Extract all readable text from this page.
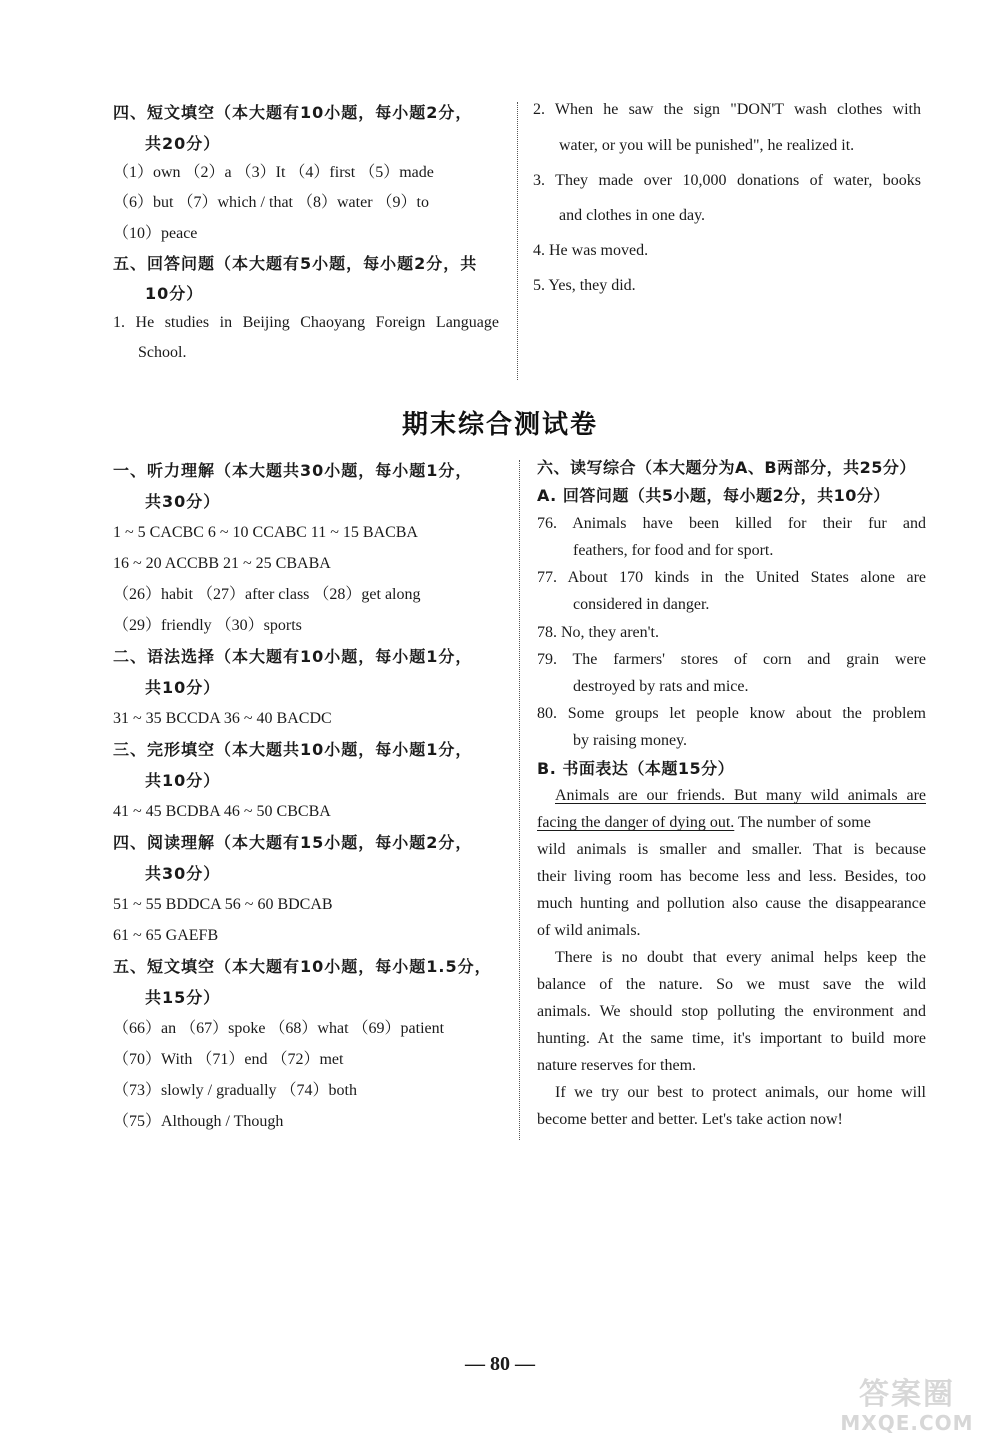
四、短文填空（本大题有10小题，每小题2分，
共20分）
（1）own （2）a （3）It （4）first （5）made
（6）but （7）which / that （8）water （9）to
（10）peace
五、回答问题（本大题有5小题，每小题2分，共
10分）
1. He studies in Beijing Chaoyang Foreign Language
School.
2. When he saw the sign "DON'T wash clothes with
water, or you will be punished", he realized it.
3. They made over 10,000 donations of water, books
and clothes in one day.
4. He was moved.
5. Yes, they did.
期末综合测试卷
一、听力理解（本大题共30小题，每小题1分，
共30分）
1 ~ 5 CACBC 6 ~ 10 CCABC 11 ~ 15 BACBA
16 ~ 20 ACCBB 21 ~ 25 CBABA
（26）habit （27）after class （28）get along
（29）friendly （30）sports
二、语法选择（本大题有10小题，每小题1分，
共10分）
31 ~ 35 BCCDA 36 ~ 40 BACDC
三、完形填空（本大题共10小题，每小题1分，
共10分）
41 ~ 45 BCDBA 46 ~ 50 CBCBA
四、阅读理解（本大题有15小题，每小题2分，
共30分）
51 ~ 55 BDDCA 56 ~ 60 BDCAB
61 ~ 65 GAEFB
五、短文填空（本大题有10小题，每小题1.5分，
共15分）
（66）an （67）spoke （68）what （69）patient
（70）With （71）end （72）met
（73）slowly / gradually （74）both
（75）Although / Though
六、读写综合（本大题分为A、B两部分，共25分）
A. 回答问题（共5小题，每小题2分，共10分）
76. Animals have been killed for their fur and
feathers, for food and for sport.
77. About 170 kinds in the United States alone are
considered in danger.
78. No, they aren't.
79. The farmers' stores of corn and grain were
destroyed by rats and mice.
80. Some groups let people know about the problem
by raising money.
B. 书面表达（本题15分）
Animals are our friends. But many wild animals are
facing the danger of dying out. The number of some
wild animals is smaller and smaller. That is because
their living room has become less and less. Besides, too
much hunting and pollution also cause the disappearance
of wild animals.
There is no doubt that every animal helps keep the
balance of the nature. So we must save the wild
animals. We should stop polluting the environment and
hunting. At the same time, it's important to build more
nature reserves for them.
If we try our best to protect animals, our home will
become better and better. Let's take action now!
— 80 —
答案圈
MXQE.COM
